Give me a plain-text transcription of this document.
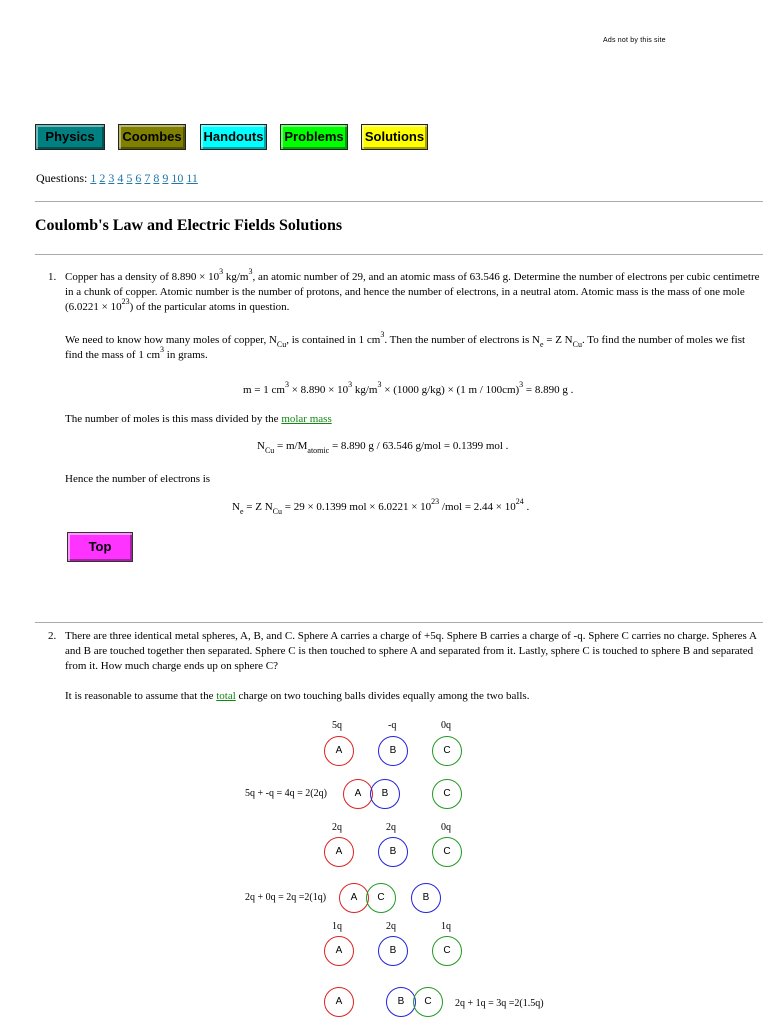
Ads not by this site
Physics	Coombes	Handouts	Problems	Solutions
Questions: 1 2 3 4 5 6 7 8 9 10 11
Coulomb's Law and Electric Fields Solutions
1. Copper has a density of $8.890 \times 10^3$ $kg/m^3$, an atomic number of 29, and an atomic mass of 63.546 g. Determine the number of electrons per cubic centimetre in a chunk of copper. Atomic number is the number of protons, and hence the number of electrons, in a neutral atom. Atomic mass is the mass of one mole $(6.0221 \times 10^{23})$ of the particular atoms in question.
We need to know how many moles of copper, $N_{Cu}$, is contained in 1 $cm^3$. Then the number of electrons is $N_e = Z$ $N_{Cu}$. To find the number of moles we fist find the mass of 1 $cm^3$ in grams.
m = 1 $cm^3 \times 8.890 \times 10^3$ $kg/m^3 \times (1000$ g/kg) × (1 m / 100cm)$^3$ = 8.890 g .
The number of moles is this mass divided by the molar mass
$N_{Cu} = m/M_{atomic} = 8.890$ g / 63.546 g/mol = 0.1399 mol .
Hence the number of electrons is
$N_e = Z$ $N_{Cu} = 29 \times 0.1399$ mol × $6.0221 \times 10^{23}$ $/mol = 2.44 \times 10^{24}$ .
Top
2. There are three identical metal spheres, A, B, and C. Sphere A carries a charge of +5q. Sphere B carries a charge of -q. Sphere C carries no charge. Spheres A and B are touched together then separated. Sphere C is then touched to sphere A and separated from it. Lastly, sphere C is touched to sphere B and separated from it. How much charge ends up on sphere C?
It is reasonable to assume that the total charge on two touching balls divides equally among the two balls.
5q	-q	0q
A	B	C
5q + -q = 4q = 2(2q)	A	B	C
2q	2q	0q
A	B	C
2q + 0q = 2q =2(1q)	A	C	B
1q	2q	1q
A	B	C
A	B	C	2q + 1q = 3q =2(1.5q)
